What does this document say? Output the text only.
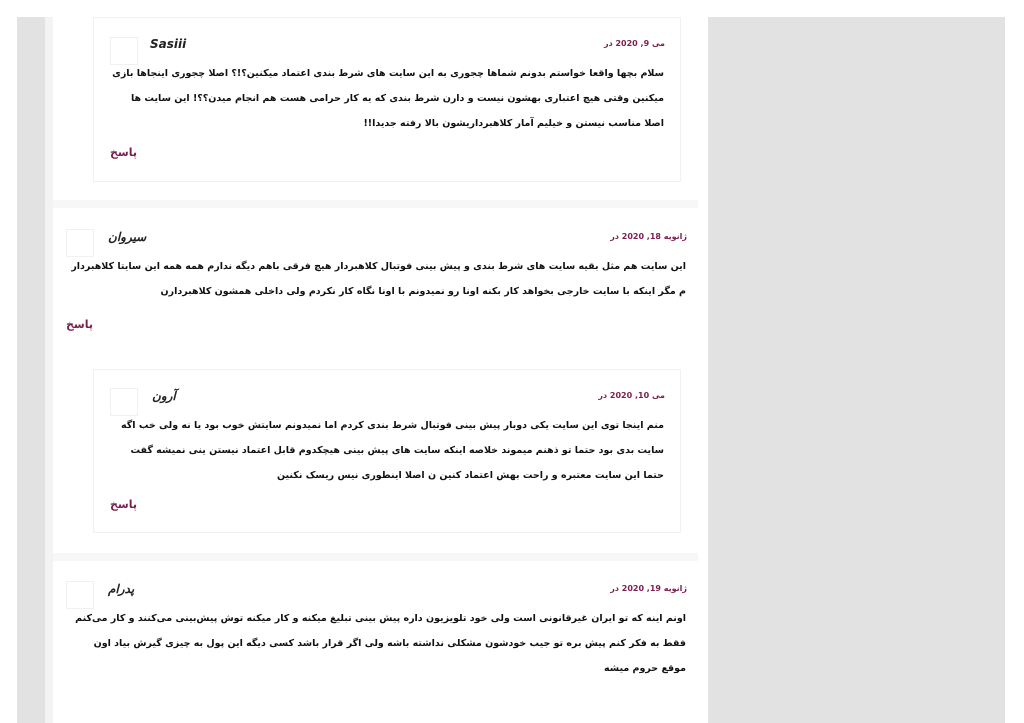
Sasiii	می 9, 2020 در
سلام بچها واقعا خواستم بدونم شماها چجوری به این سایت های شرط بندی اعتماد میکنین؟!؟ اصلا چجوری اینجاها بازی میکنین وقتی هیچ اعتباری بهشون نیست و دارن شرط بندی که یه کار حرامی هست هم انجام میدن؟؟! این سایت ها اصلا مناسب نیستن و خیلیم آمار کلاهبرداریشون بالا رفته جدیدا!!
پاسخ
سیروان	ژانویه 18, 2020 در
این سایت هم مثل بقیه سایت های شرط بندی و پیش بینی فوتبال کلاهبردار هیچ فرقی باهم دیگه ندارم همه همه این سایتا کلاهبردار م مگر اینکه با سایت خارجی بخواهد کار بکنه اونا رو نمیدونم با اونا نگاه کار نکردم ولی داخلی همشون کلاهبردارن
پاسخ
آرون	می 10, 2020 در
منم اینجا توی این سایت یکی دوبار پیش بینی فوتبال شرط بندی کردم اما نمیدونم سایتش خوب بود یا نه ولی خب اگه سایت بدی بود حتما تو ذهنم میموند خلاصه اینکه سایت های پیش بینی هیچکدوم قابل اعتماد نیستن ینی نمیشه گفت حتما این سایت معتبره و راحت بهش اعتماد کنین ن اصلا اینطوری نیس ریسک نکنین
پاسخ
پدرام	ژانویه 19, 2020 در
اونم اینه که تو ایران غیرقانونی است ولی خود تلویزیون داره پیش بینی تبلیغ میکنه و کار میکنه توش پیش‌بینی می‌کنند و کار می‌کنم فقط به فکر کنم پیش بره تو جیب خودشون مشکلی نداشته باشه ولی اگر قرار باشد کسی دیگه این پول به چیزی گیرش بیاد اون موقع حروم میشه
